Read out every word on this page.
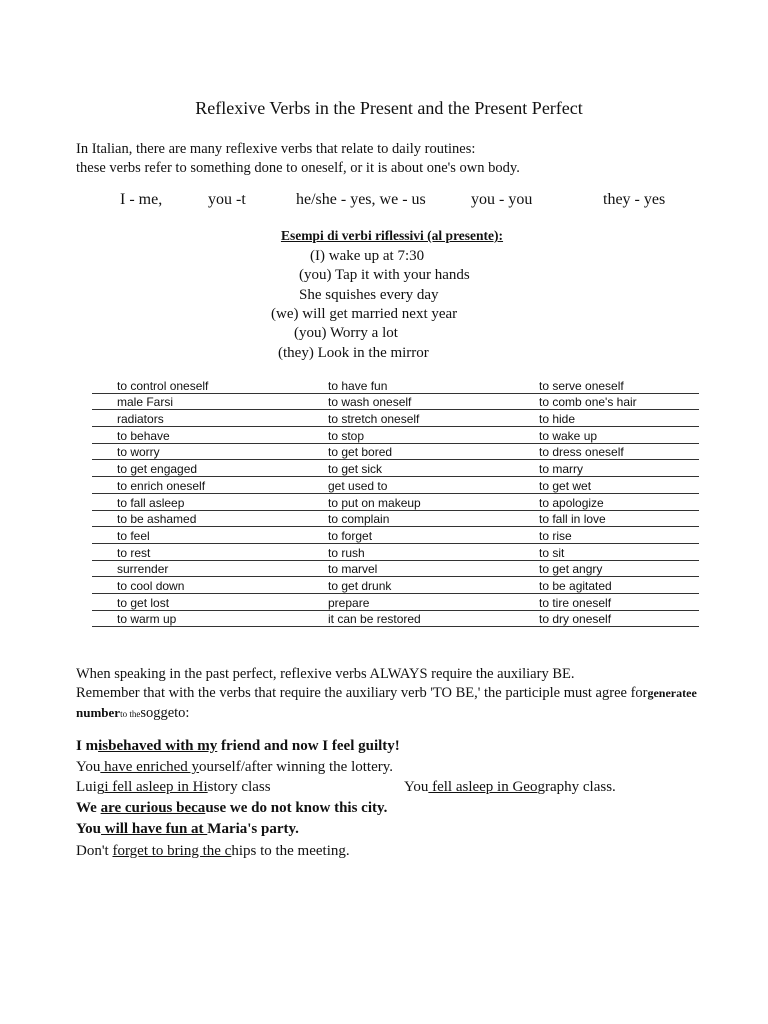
Reflexive Verbs in the Present and the Present Perfect
In Italian, there are many reflexive verbs that relate to daily routines:
these verbs refer to something done to oneself, or it is about one's own body.
I - me,	you -t	he/she - yes, we - us	you - you	they - yes
Esempi di verbi riflessivi (al presente):
(I) wake up at 7:30
(you) Tap it with your hands
She squishes every day
(we) will get married next year
(you) Worry a lot
(they) Look in the mirror
to control oneself	to have fun	to serve oneself
male Farsi	to wash oneself	to comb one's hair
radiators	to stretch oneself	to hide
to behave	to stop	to wake up
to worry	to get bored	to dress oneself
to get engaged	to get sick	to marry
to enrich oneself	get used to	to get wet
to fall asleep	to put on makeup	to apologize
to be ashamed	to complain	to fall in love
to feel	to forget	to rise
to rest	to rush	to sit
surrender	to marvel	to get angry
to cool down	to get drunk	to be agitated
to get lost	prepare	to tire oneself
to warm up	it can be restored	to dry oneself
When speaking in the past perfect, reflexive verbs ALWAYS require the auxiliary BE.
Remember that with the verbs that require the auxiliary verb 'TO BE,' the participle must agree forgeneratee
numberto thesoggeto:
I misbehaved with my friend and now I feel guilty!
You have enriched yourself/after winning the lottery.
Luigi fell asleep in History class	You fell asleep in Geography class.
We are curious because we do not know this city.
You will have fun at Maria's party.
Don't forget to bring the chips to the meeting.
